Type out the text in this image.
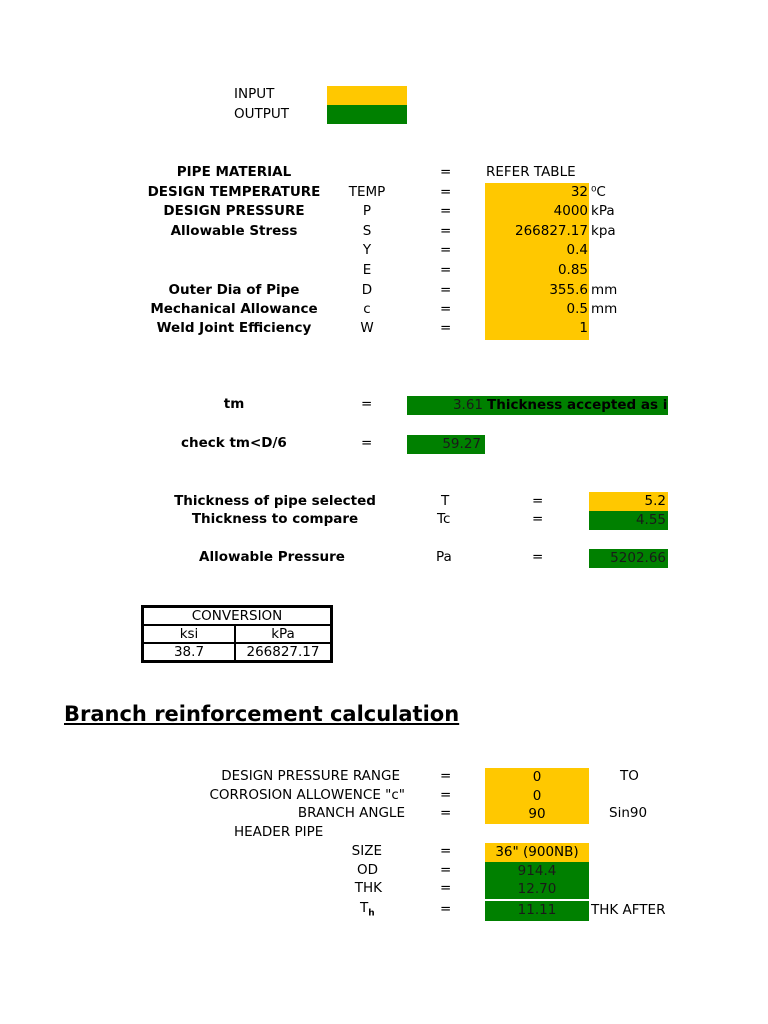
INPUT
OUTPUT
PIPE MATERIAL	=	REFER TABLE
DESIGN TEMPERATURE	TEMP	=	32 ⁰C
DESIGN PRESSURE	P	=	4000 kPa
Allowable Stress	S	=	266827.17 kpa
Y	=	0.4
E	=	0.85
Outer Dia of Pipe	D	=	355.6 mm
Mechanical Allowance	c	=	0.5 mm
Weld Joint Efficiency	W	=	1
tm	=	3.61 Thickness accepted as i
check tm<D/6	=	59.27
Thickness of pipe selected	T	=	5.2
Thickness to compare	Tc	=	4.55
Allowable Pressure	Pa	=	5202.66
CONVERSION	
ksi	kPa
38.7	266827.17
Branch reinforcement calculation
DESIGN PRESSURE RANGE	=	0	TO
CORROSION ALLOWENCE "c"	=	0
BRANCH ANGLE	=	90	Sin90
HEADER PIPE
SIZE	=	36" (900NB)
OD	=	914.4
THK	=	12.70
$T_h$	=	11.11	THK AFTER
